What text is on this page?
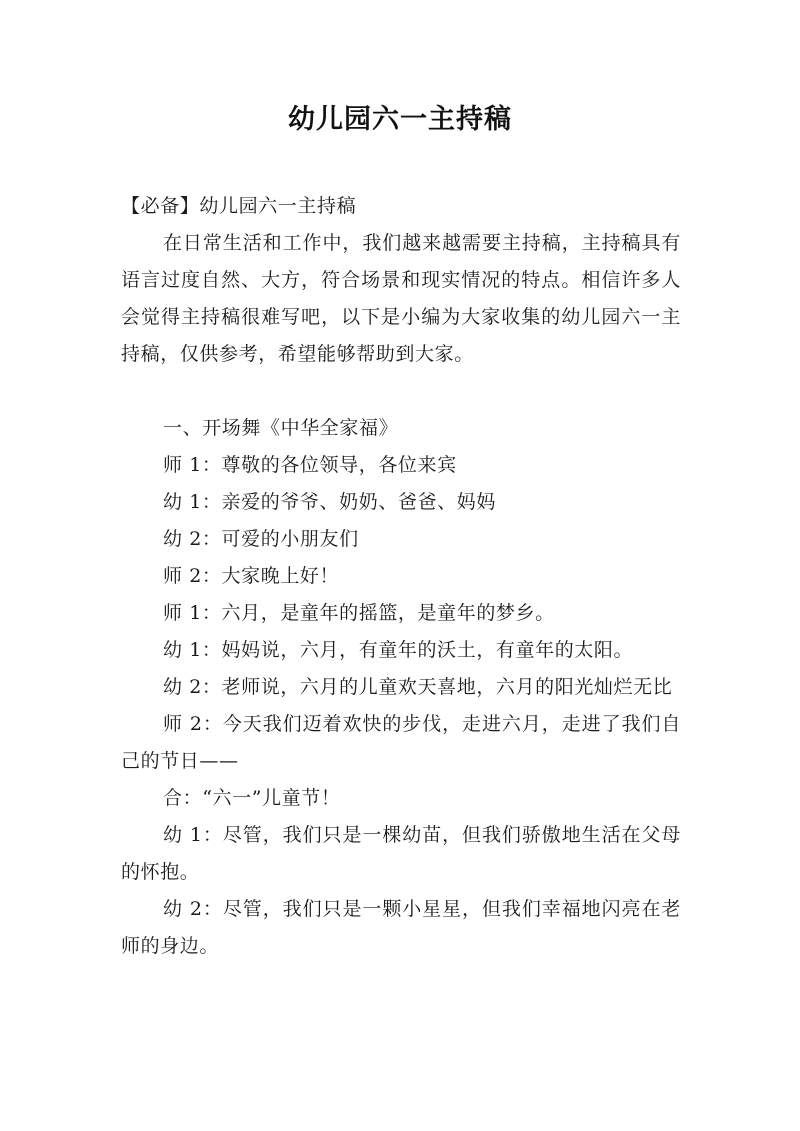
幼儿园六一主持稿

【必备】幼儿园六一主持稿

在日常生活和工作中，我们越来越需要主持稿，主持稿具有语言过度自然、大方，符合场景和现实情况的特点。相信许多人会觉得主持稿很难写吧，以下是小编为大家收集的幼儿园六一主持稿，仅供参考，希望能够帮助到大家。

一、开场舞《中华全家福》

师 1：尊敬的各位领导，各位来宾

幼 1：亲爱的爷爷、奶奶、爸爸、妈妈

幼 2：可爱的小朋友们

师 2：大家晚上好！

师 1：六月，是童年的摇篮，是童年的梦乡。

幼 1：妈妈说，六月，有童年的沃土，有童年的太阳。

幼 2：老师说，六月的儿童欢天喜地，六月的阳光灿烂无比

师 2：今天我们迈着欢快的步伐，走进六月，走进了我们自己的节日——

合：“六一”儿童节！

幼 1：尽管，我们只是一棵幼苗，但我们骄傲地生活在父母的怀抱。

幼 2：尽管，我们只是一颗小星星，但我们幸福地闪亮在老师的身边。
